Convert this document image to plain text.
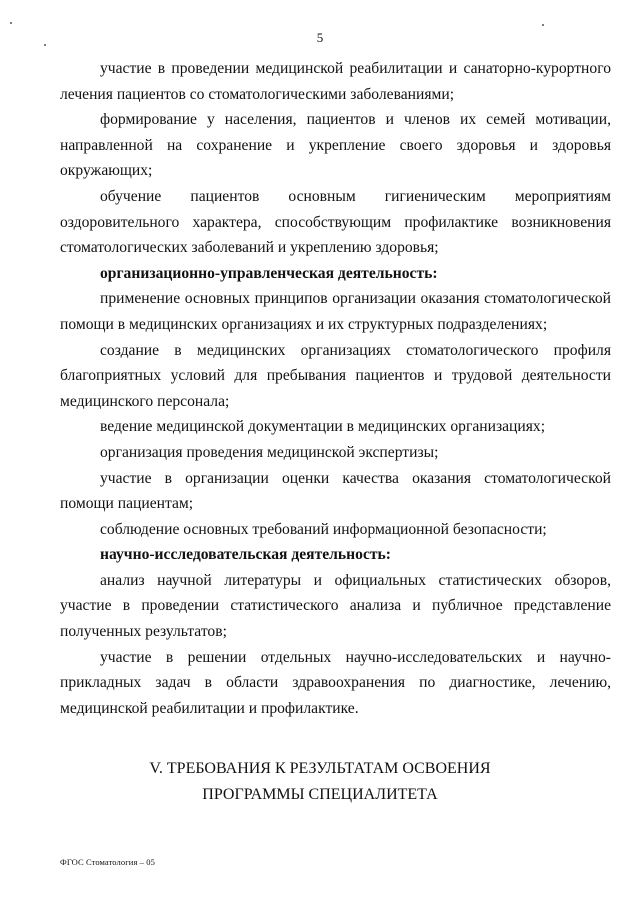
5

участие в проведении медицинской реабилитации и санаторно-курортного лечения пациентов со стоматологическими заболеваниями;

формирование у населения, пациентов и членов их семей мотивации, направленной на сохранение и укрепление своего здоровья и здоровья окружающих;

обучение пациентов основным гигиеническим мероприятиям оздоровительного характера, способствующим профилактике возникновения стоматологических заболеваний и укреплению здоровья;

организационно-управленческая деятельность:

применение основных принципов организации оказания стоматологической помощи в медицинских организациях и их структурных подразделениях;

создание в медицинских организациях стоматологического профиля благоприятных условий для пребывания пациентов и трудовой деятельности медицинского персонала;

ведение медицинской документации в медицинских организациях;

организация проведения медицинской экспертизы;

участие в организации оценки качества оказания стоматологической помощи пациентам;

соблюдение основных требований информационной безопасности;

научно-исследовательская деятельность:

анализ научной литературы и официальных статистических обзоров, участие в проведении статистического анализа и публичное представление полученных результатов;

участие в решении отдельных научно-исследовательских и научно-прикладных задач в области здравоохранения по диагностике, лечению, медицинской реабилитации и профилактике.

V. ТРЕБОВАНИЯ К РЕЗУЛЬТАТАМ ОСВОЕНИЯ
ПРОГРАММЫ СПЕЦИАЛИТЕТА
ФГОС Стоматология – 05
